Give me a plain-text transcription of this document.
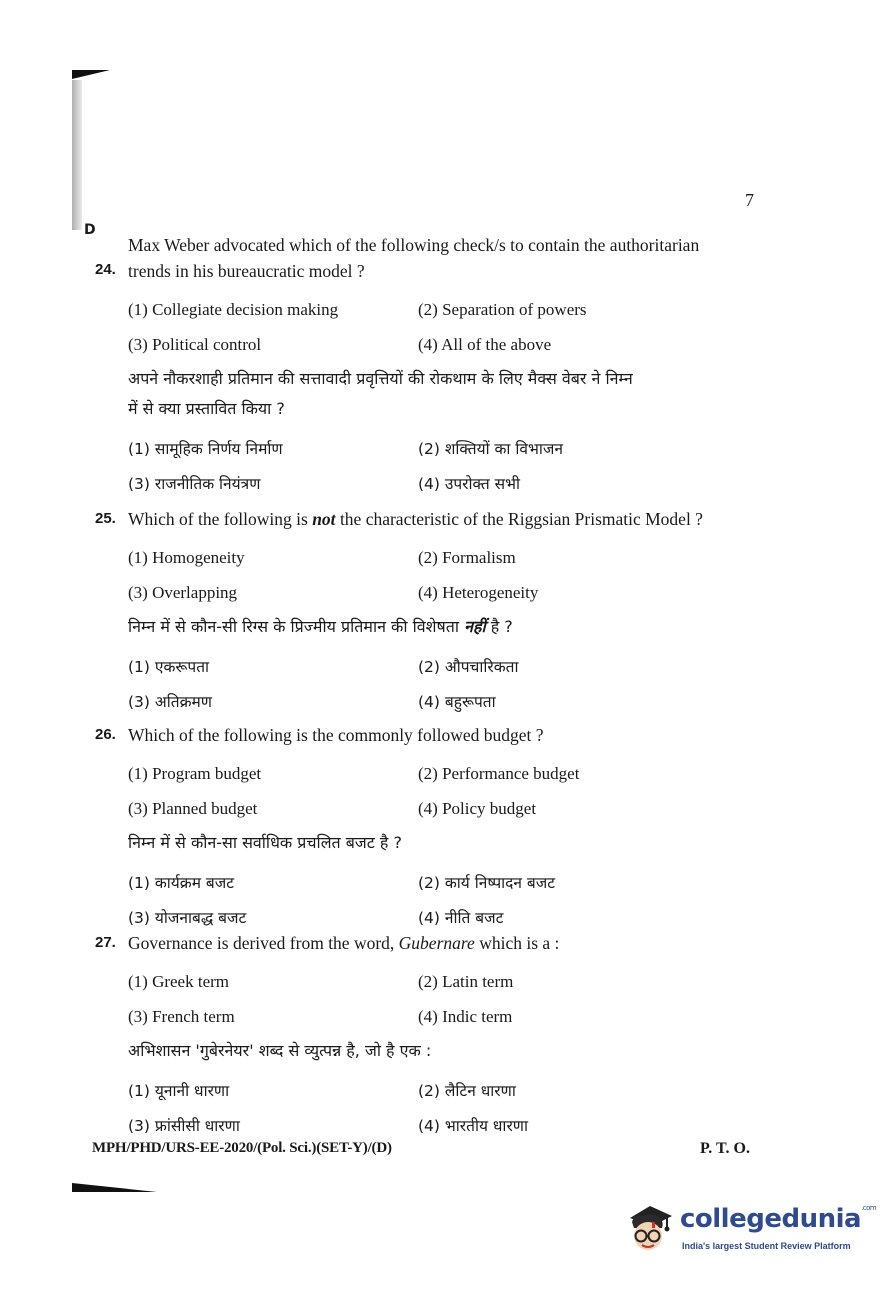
7
D
24.
Max Weber advocated which of the following check/s to contain the authoritarian
trends in his bureaucratic model ?
(1) Collegiate decision making	(2) Separation of powers
(3) Political control	(4) All of the above
अपने नौकरशाही प्रतिमान की सत्तावादी प्रवृत्तियों की रोकथाम के लिए मैक्स वेबर ने निम्न
में से क्या प्रस्तावित किया ?
(1) सामूहिक निर्णय निर्माण	(2) शक्तियों का विभाजन
(3) राजनीतिक नियंत्रण	(4) उपरोक्त सभी
25. Which of the following is not the characteristic of the Riggsian Prismatic Model ?
(1) Homogeneity	(2) Formalism
(3) Overlapping	(4) Heterogeneity
निम्न में से कौन-सी रिग्स के प्रिज्मीय प्रतिमान की विशेषता नहीं है ?
(1) एकरूपता	(2) औपचारिकता
(3) अतिक्रमण	(4) बहुरूपता
26. Which of the following is the commonly followed budget ?
(1) Program budget	(2) Performance budget
(3) Planned budget	(4) Policy budget
निम्न में से कौन-सा सर्वाधिक प्रचलित बजट है ?
(1) कार्यक्रम बजट	(2) कार्य निष्पादन बजट
(3) योजनाबद्ध बजट	(4) नीति बजट
27. Governance is derived from the word, Gubernare which is a :
(1) Greek term	(2) Latin term
(3) French term	(4) Indic term
अभिशासन 'गुबेरनेयर' शब्द से व्युत्पन्न है, जो है एक :
(1) यूनानी धारणा	(2) लैटिन धारणा
(3) फ्रांसीसी धारणा	(4) भारतीय धारणा
MPH/PHD/URS-EE-2020/(Pol. Sci.)(SET-Y)/(D)	P. T. O.
collegedunia$^{.com}$
India's largest Student Review Platform
